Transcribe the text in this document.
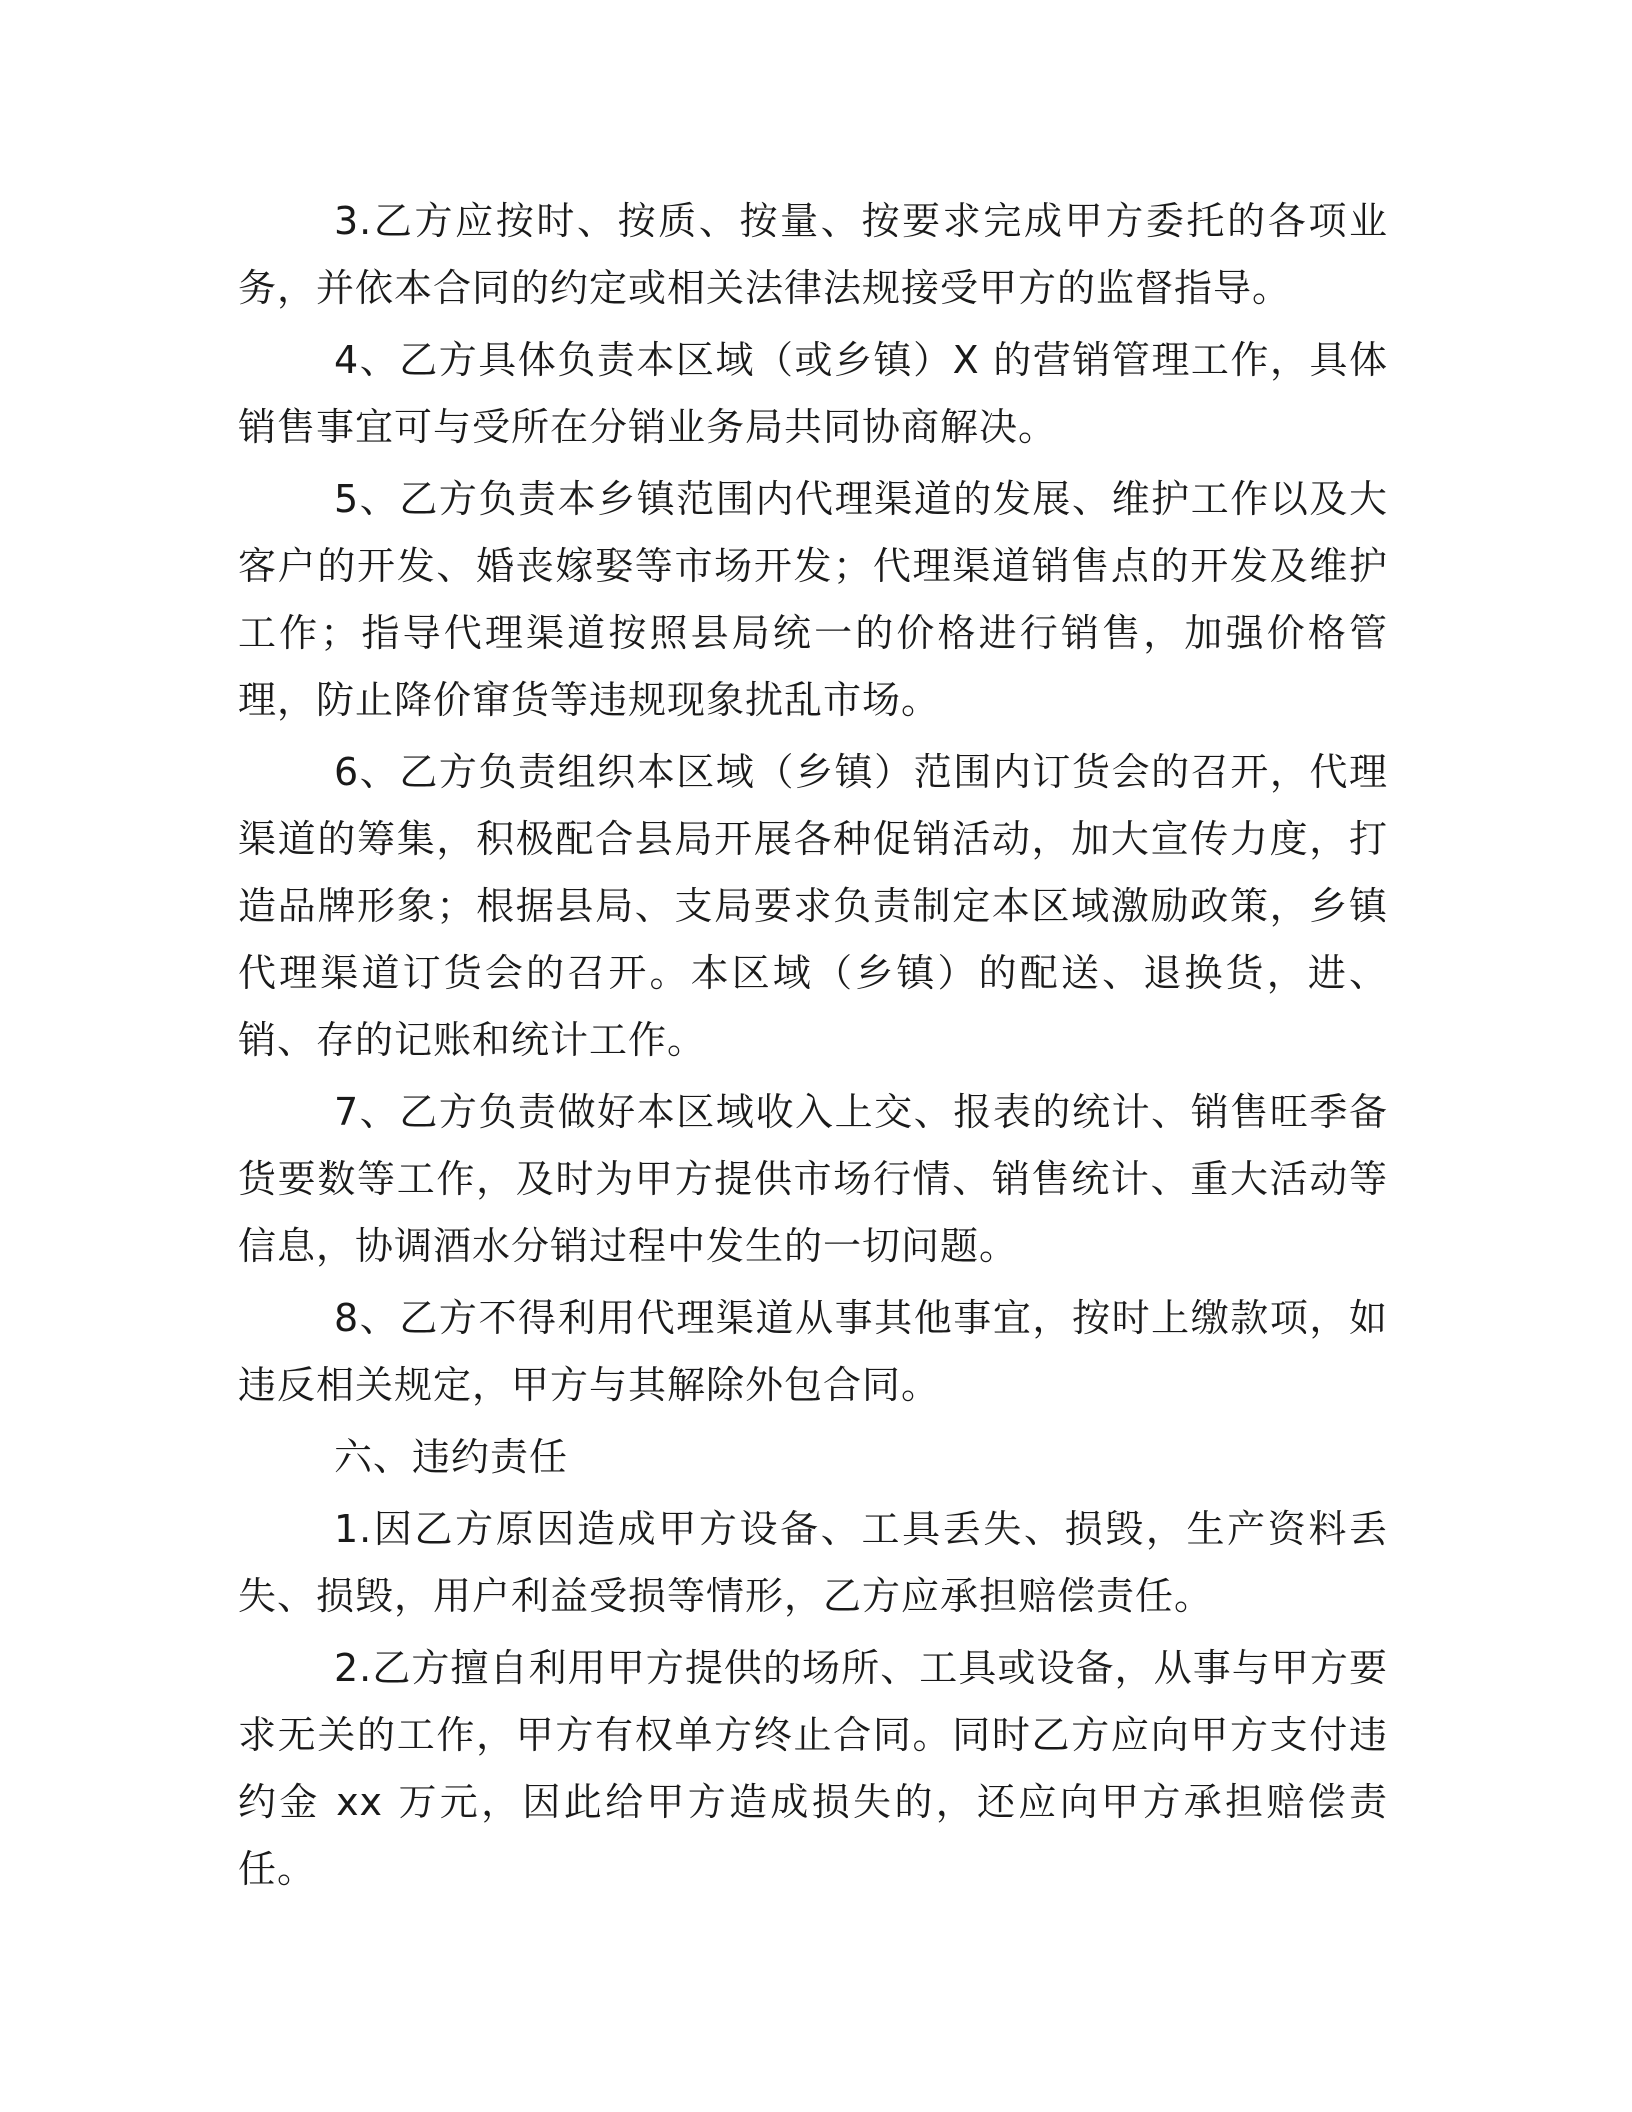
3.乙方应按时、按质、按量、按要求完成甲方委托的各项业务，并依本合同的约定或相关法律法规接受甲方的监督指导。

4、乙方具体负责本区域（或乡镇）X 的营销管理工作，具体销售事宜可与受所在分销业务局共同协商解决。

5、乙方负责本乡镇范围内代理渠道的发展、维护工作以及大客户的开发、婚丧嫁娶等市场开发；代理渠道销售点的开发及维护工作；指导代理渠道按照县局统一的价格进行销售，加强价格管理，防止降价窜货等违规现象扰乱市场。

6、乙方负责组织本区域（乡镇）范围内订货会的召开，代理渠道的筹集，积极配合县局开展各种促销活动，加大宣传力度，打造品牌形象；根据县局、支局要求负责制定本区域激励政策，乡镇代理渠道订货会的召开。本区域（乡镇）的配送、退换货，进、销、存的记账和统计工作。

7、乙方负责做好本区域收入上交、报表的统计、销售旺季备货要数等工作，及时为甲方提供市场行情、销售统计、重大活动等信息，协调酒水分销过程中发生的一切问题。

8、乙方不得利用代理渠道从事其他事宜，按时上缴款项，如违反相关规定，甲方与其解除外包合同。

六、违约责任

1.因乙方原因造成甲方设备、工具丢失、损毁，生产资料丢失、损毁，用户利益受损等情形，乙方应承担赔偿责任。

2.乙方擅自利用甲方提供的场所、工具或设备，从事与甲方要求无关的工作，甲方有权单方终止合同。同时乙方应向甲方支付违约金 xx 万元，因此给甲方造成损失的，还应向甲方承担赔偿责任。
